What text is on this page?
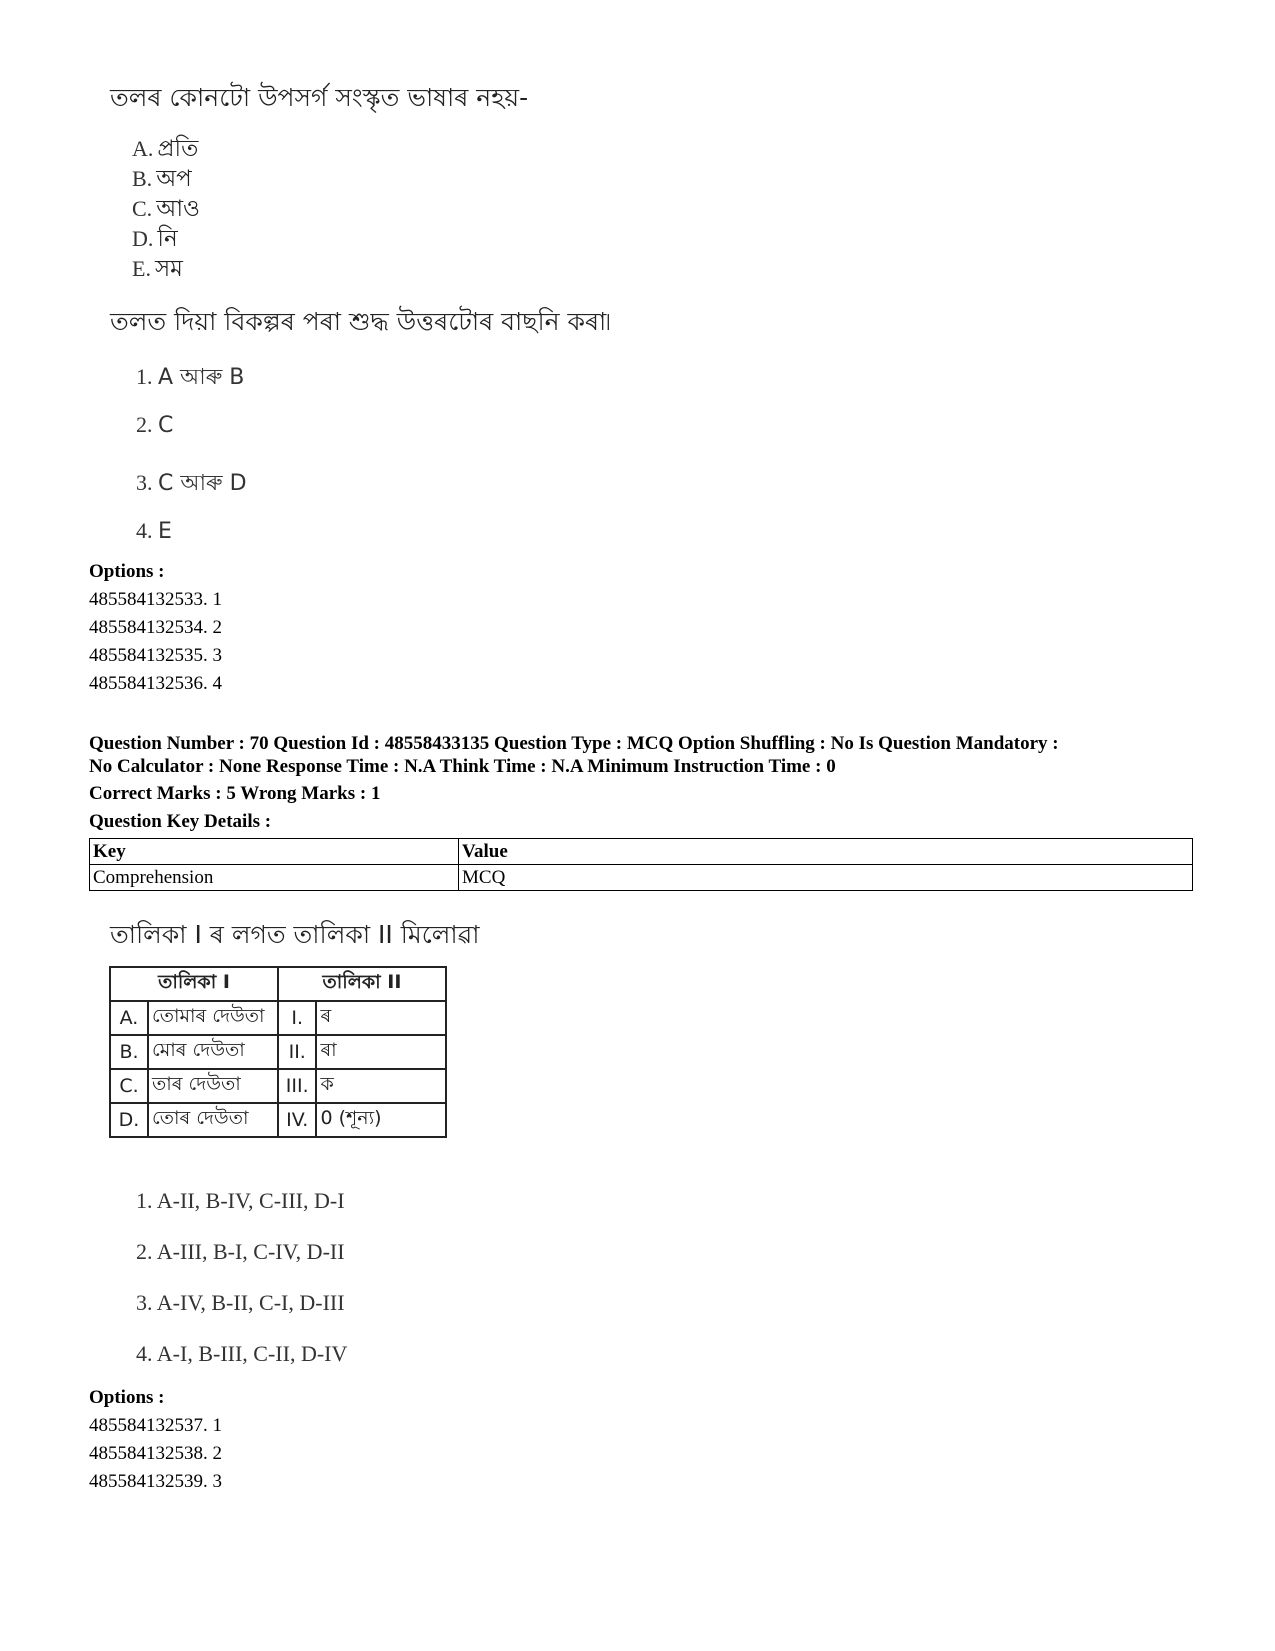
তলৰ কোনটো উপসৰ্গ সংস্কৃত ভাষাৰ নহয়-
A. প্ৰতি
B. অপ
C. আও
D. নি
E. সম
তলত দিয়া বিকল্পৰ পৰা শুদ্ধ উত্তৰটোৰ বাছনি কৰা৷
1. A আৰু B
2. C
3. C আৰু D
4. E
Options :
485584132533. 1
485584132534. 2
485584132535. 3
485584132536. 4
Question Number : 70 Question Id : 48558433135 Question Type : MCQ Option Shuffling : No Is Question Mandatory :
No Calculator : None Response Time : N.A Think Time : N.A Minimum Instruction Time : 0
Correct Marks : 5 Wrong Marks : 1
Question Key Details :
Key	Value
Comprehension	MCQ
তালিকা I ৰ লগত তালিকা II মিলোৱা
তালিকা I		তালিকা II	
A.	তোমাৰ দেউতা	I.	ৰ
B.	মোৰ দেউতা	II.	ৰা
C.	তাৰ দেউতা	III.	ক
D.	তোৰ দেউতা	IV.	0 (শূন্য)
1. A-II, B-IV, C-III, D-I
2. A-III, B-I, C-IV, D-II
3. A-IV, B-II, C-I, D-III
4. A-I, B-III, C-II, D-IV
Options :
485584132537. 1
485584132538. 2
485584132539. 3
